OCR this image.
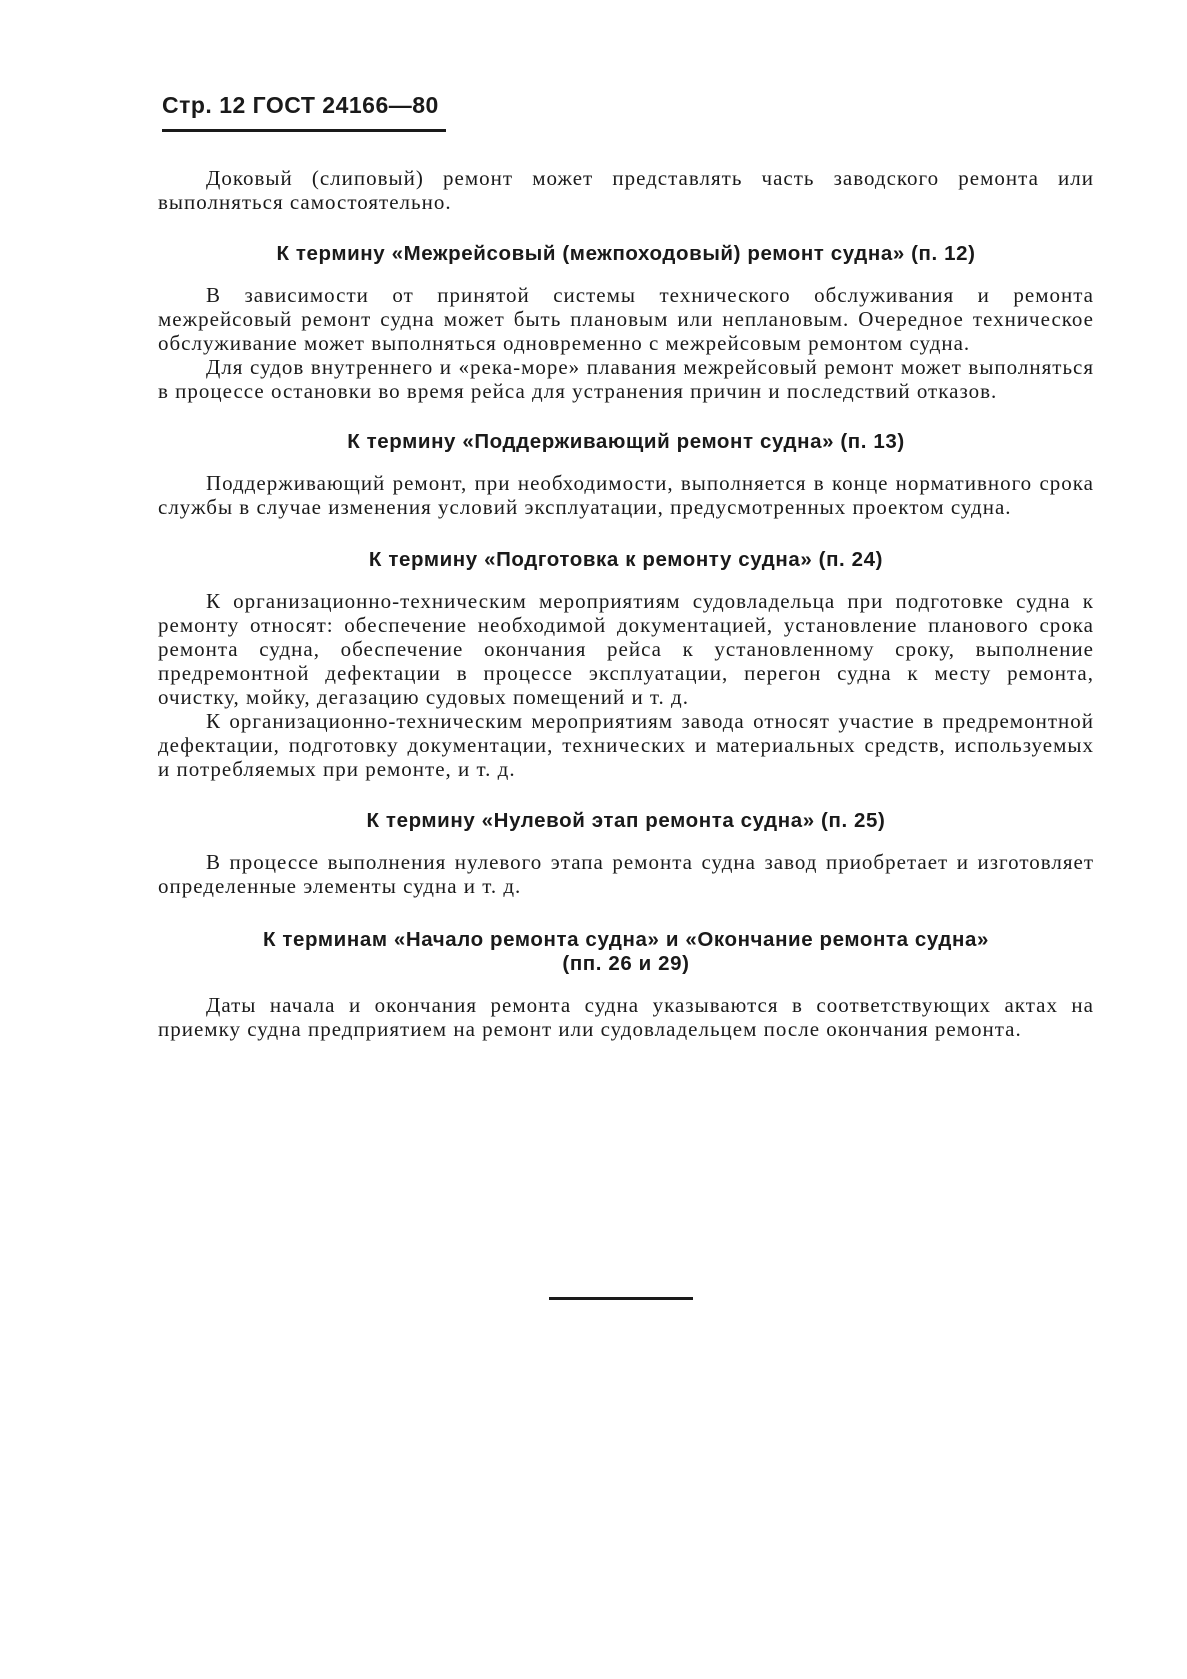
Стр. 12 ГОСТ 24166—80

Доковый (слиповый) ремонт может представлять часть заводского ремонта или выполняться самостоятельно.

К термину «Межрейсовый (межпоходовый) ремонт судна» (п. 12)

В зависимости от принятой системы технического обслуживания и ремонта межрейсовый ремонт судна может быть плановым или неплановым. Очередное техническое обслуживание может выполняться одновременно с межрейсовым ремонтом судна.

Для судов внутреннего и «река-море» плавания межрейсовый ремонт может выполняться в процессе остановки во время рейса для устранения причин и последствий отказов.

К термину «Поддерживающий ремонт судна» (п. 13)

Поддерживающий ремонт, при необходимости, выполняется в конце нормативного срока службы в случае изменения условий эксплуатации, предусмотренных проектом судна.

К термину «Подготовка к ремонту судна» (п. 24)

К организационно-техническим мероприятиям судовладельца при подготовке судна к ремонту относят: обеспечение необходимой документацией, установление планового срока ремонта судна, обеспечение окончания рейса к установленному сроку, выполнение предремонтной дефектации в процессе эксплуатации, перегон судна к месту ремонта, очистку, мойку, дегазацию судовых помещений и т. д.

К организационно-техническим мероприятиям завода относят участие в предремонтной дефектации, подготовку документации, технических и материальных средств, используемых и потребляемых при ремонте, и т. д.

К термину «Нулевой этап ремонта судна» (п. 25)

В процессе выполнения нулевого этапа ремонта судна завод приобретает и изготовляет определенные элементы судна и т. д.

К терминам «Начало ремонта судна» и «Окончание ремонта судна»
(пп. 26 и 29)

Даты начала и окончания ремонта судна указываются в соответствующих актах на приемку судна предприятием на ремонт или судовладельцем после окончания ремонта.
